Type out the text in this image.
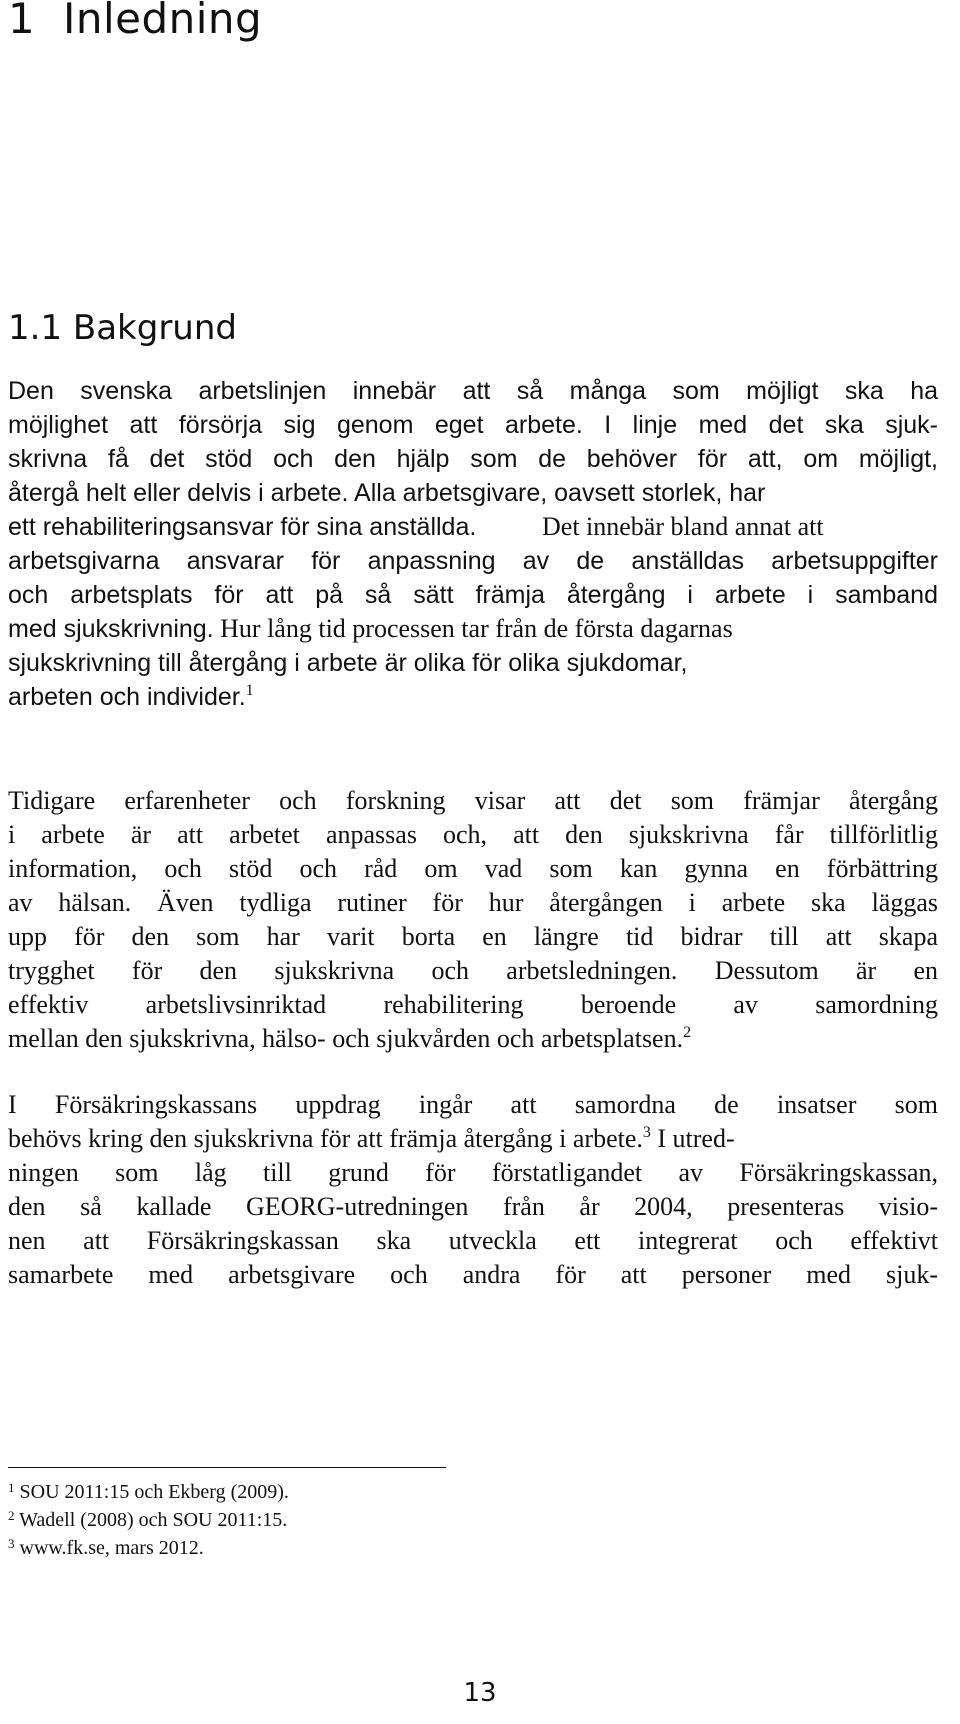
1 Inledning
1.1 Bakgrund
Den svenska arbetslinjen innebär att så många som möjligt ska ha
möjlighet att försörja sig genom eget arbete. I linje med det ska sjuk-
skrivna få det stöd och den hjälp som de behöver för att, om möjligt,
återgå helt eller delvis i arbete. Alla arbetsgivare, oavsett storlek, har
ett rehabiliteringsansvar för sina anställda.	Det innebär bland annat att
arbetsgivarna ansvarar för anpassning av de anställdas arbetsuppgifter
och arbetsplats för att på så sätt främja återgång i arbete i samband
med sjukskrivning. Hur lång tid processen tar från de första dagarnas
sjukskrivning till återgång i arbete är olika för olika sjukdomar,
arbeten och individer.$^1$
Tidigare erfarenheter och forskning visar att det som främjar återgång
i arbete är att arbetet anpassas och, att den sjukskrivna får tillförlitlig
information, och stöd och råd om vad som kan gynna en förbättring
av hälsan. Även tydliga rutiner för hur återgången i arbete ska läggas
upp för den som har varit borta en längre tid bidrar till att skapa
trygghet för den sjukskrivna och arbetsledningen. Dessutom är en
effektiv arbetslivsinriktad rehabilitering beroende av samordning
mellan den sjukskrivna, hälso- och sjukvården och arbetsplatsen.$^2$
I Försäkringskassans uppdrag ingår att samordna de insatser som
behövs kring den sjukskrivna för att främja återgång i arbete.$^3$ I utred-
ningen som låg till grund för förstatligandet av Försäkringskassan,
den så kallade GEORG-utredningen från år 2004, presenteras visio-
nen att Försäkringskassan ska utveckla ett integrerat och effektivt
samarbete med arbetsgivare och andra för att personer med sjuk-
$^1$ SOU 2011:15 och Ekberg (2009).
$^2$ Wadell (2008) och SOU 2011:15.
$^3$ www.fk.se, mars 2012.
13
